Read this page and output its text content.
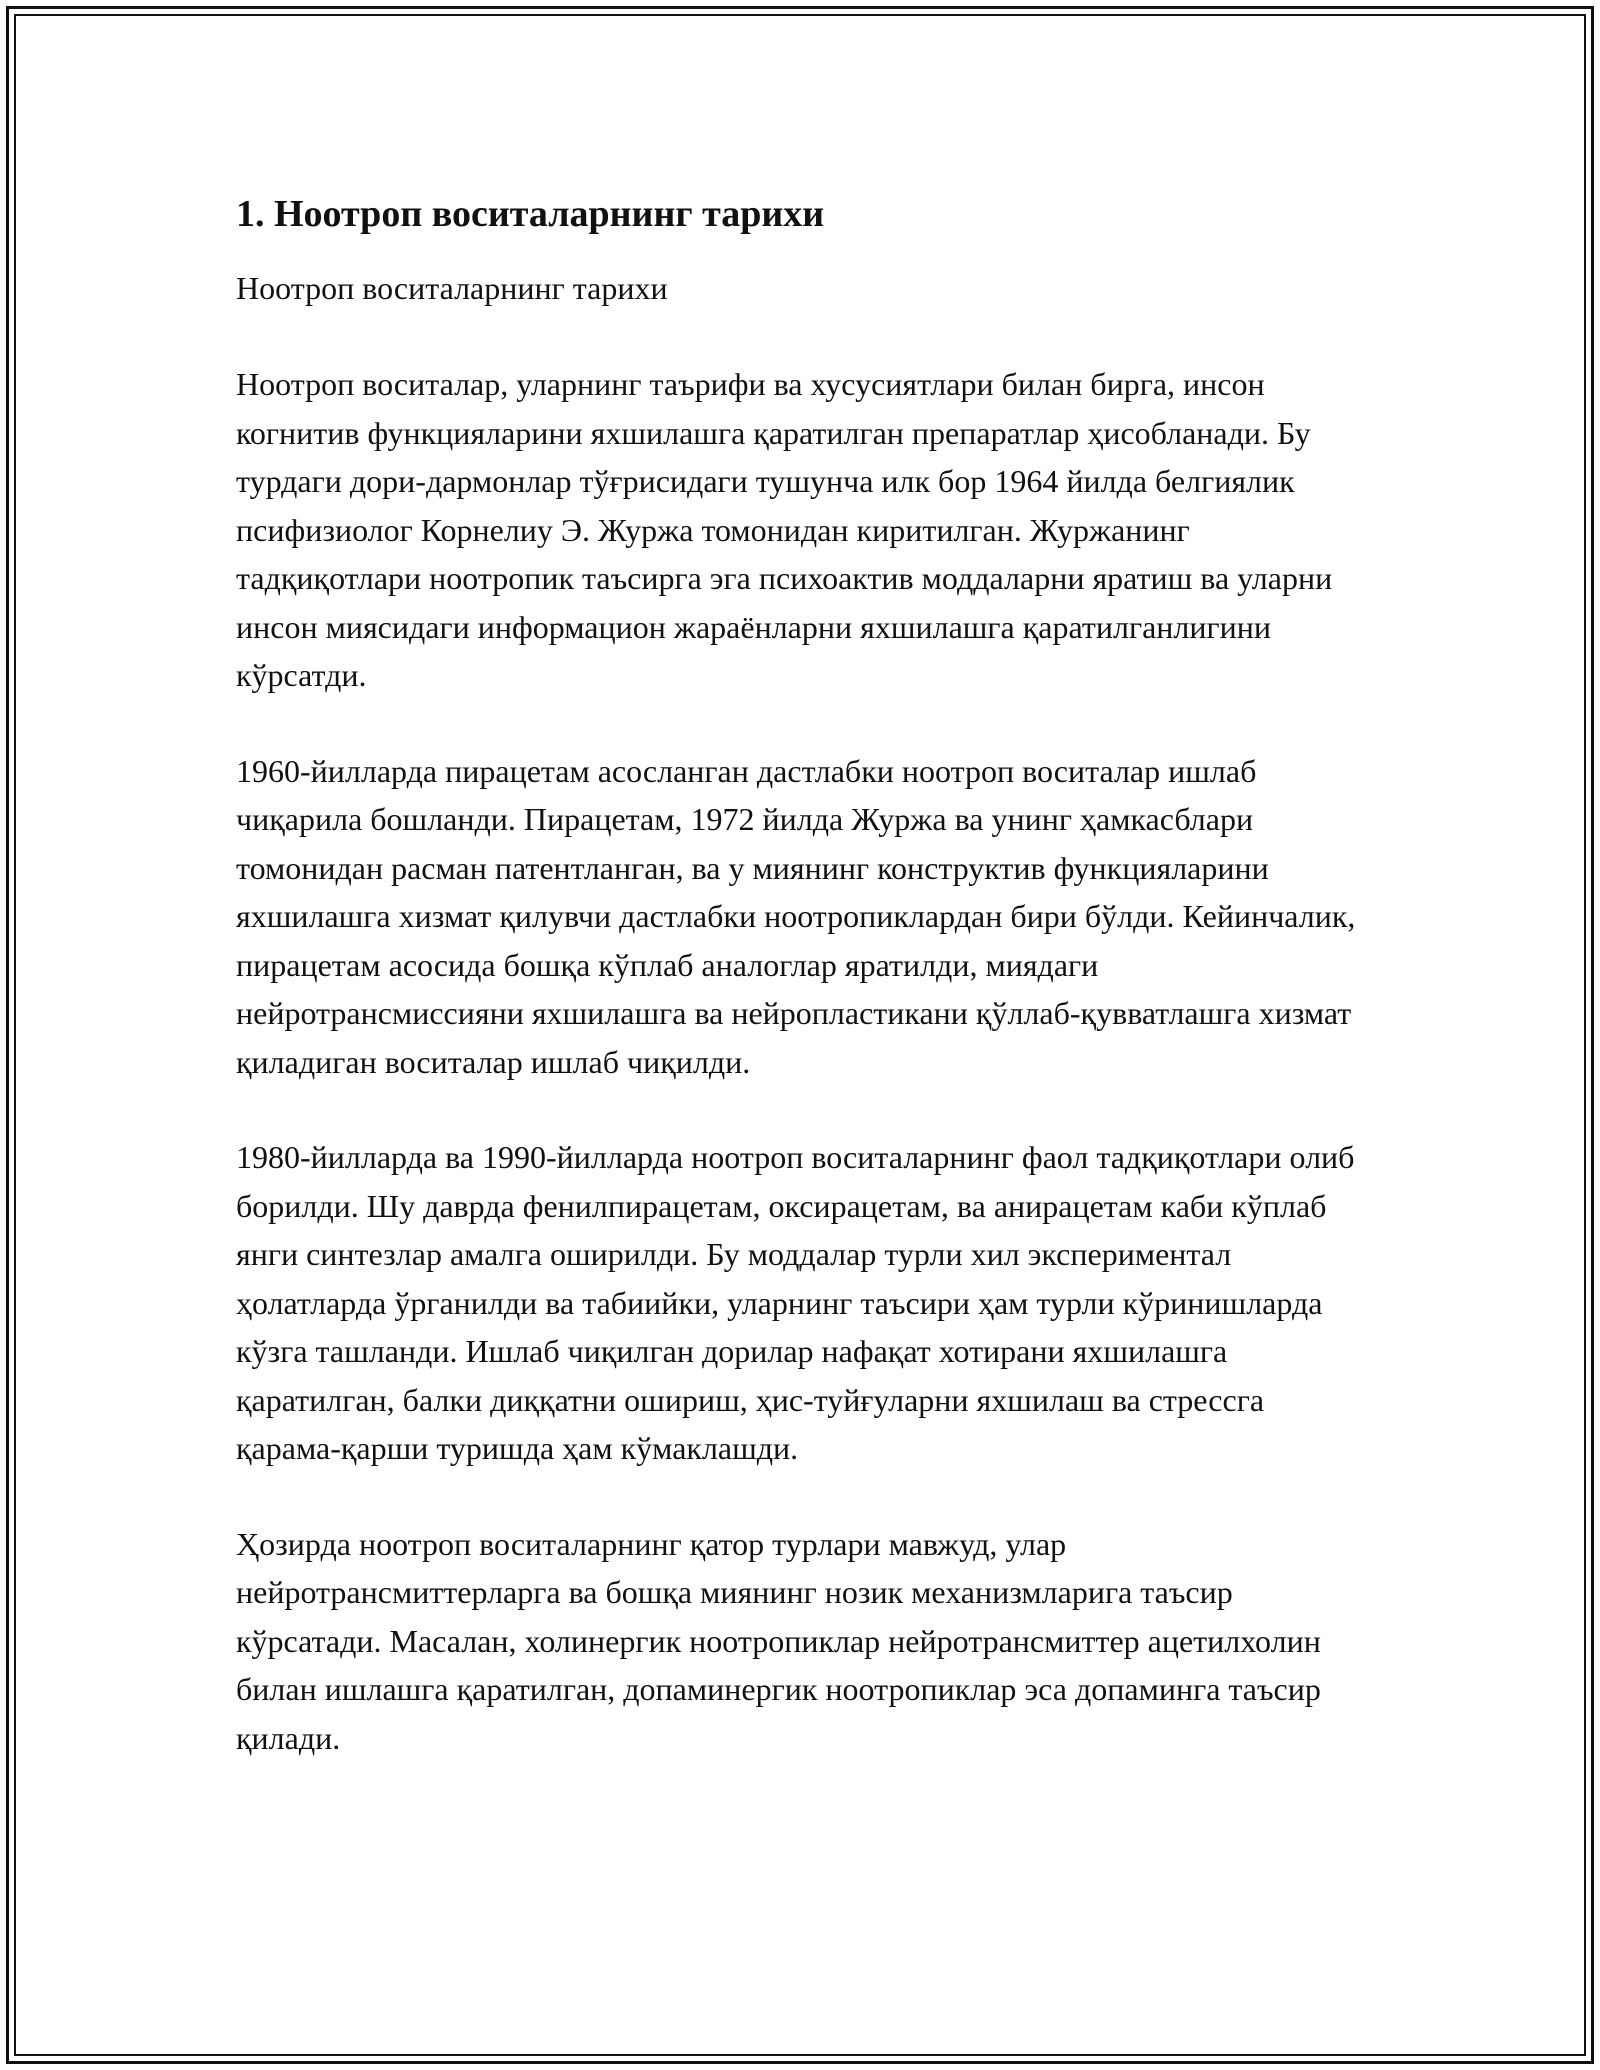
1. Ноотроп воситаларнинг тарихи

Ноотроп воситаларнинг тарихи

Ноотроп воситалар, уларнинг таърифи ва хусусиятлари билан бирга, инсон когнитив функцияларини яхшилашга қаратилган препаратлар ҳисобланади. Бу турдаги дори-дармонлар тўғрисидаги тушунча илк бор 1964 йилда белгиялик псифизиолог Корнелиу Э. Журжа томонидан киритилган. Журжанинг тадқиқотлари ноотропик таъсирга эга психоактив моддаларни яратиш ва уларни инсон миясидаги информацион жараёнларни яхшилашга қаратилганлигини кўрсатди.

1960-йилларда пирацетам асосланган дастлабки ноотроп воситалар ишлаб чиқарила бошланди. Пирацетам, 1972 йилда Журжа ва унинг ҳамкасблари томонидан расман патентланган, ва у миянинг конструктив функцияларини яхшилашга хизмат қилувчи дастлабки ноотропиклардан бири бўлди. Кейинчалик, пирацетам асосида бошқа кўплаб аналоглар яратилди, миядаги нейротрансмиссияни яхшилашга ва нейропластикани қўллаб-қувватлашга хизмат қиладиган воситалар ишлаб чиқилди.

1980-йилларда ва 1990-йилларда ноотроп воситаларнинг фаол тадқиқотлари олиб борилди. Шу даврда фенилпирацетам, оксирацетам, ва анирацетам каби кўплаб янги синтезлар амалга оширилди. Бу моддалар турли хил экспериментал ҳолатларда ўрганилди ва табиийки, уларнинг таъсири ҳам турли кўринишларда кўзга ташланди. Ишлаб чиқилган дорилар нафақат хотирани яхшилашга қаратилган, балки диққатни ошириш, ҳис-туйғуларни яхшилаш ва стрессга қарама-қарши туришда ҳам кўмаклашди.

Ҳозирда ноотроп воситаларнинг қатор турлари мавжуд, улар нейротрансмиттерларга ва бошқа миянинг нозик механизмларига таъсир кўрсатади. Масалан, холинергик ноотропиклар нейротрансмиттер ацетилхолин билан ишлашга қаратилган, допаминергик ноотропиклар эса допаминга таъсир қилади.
